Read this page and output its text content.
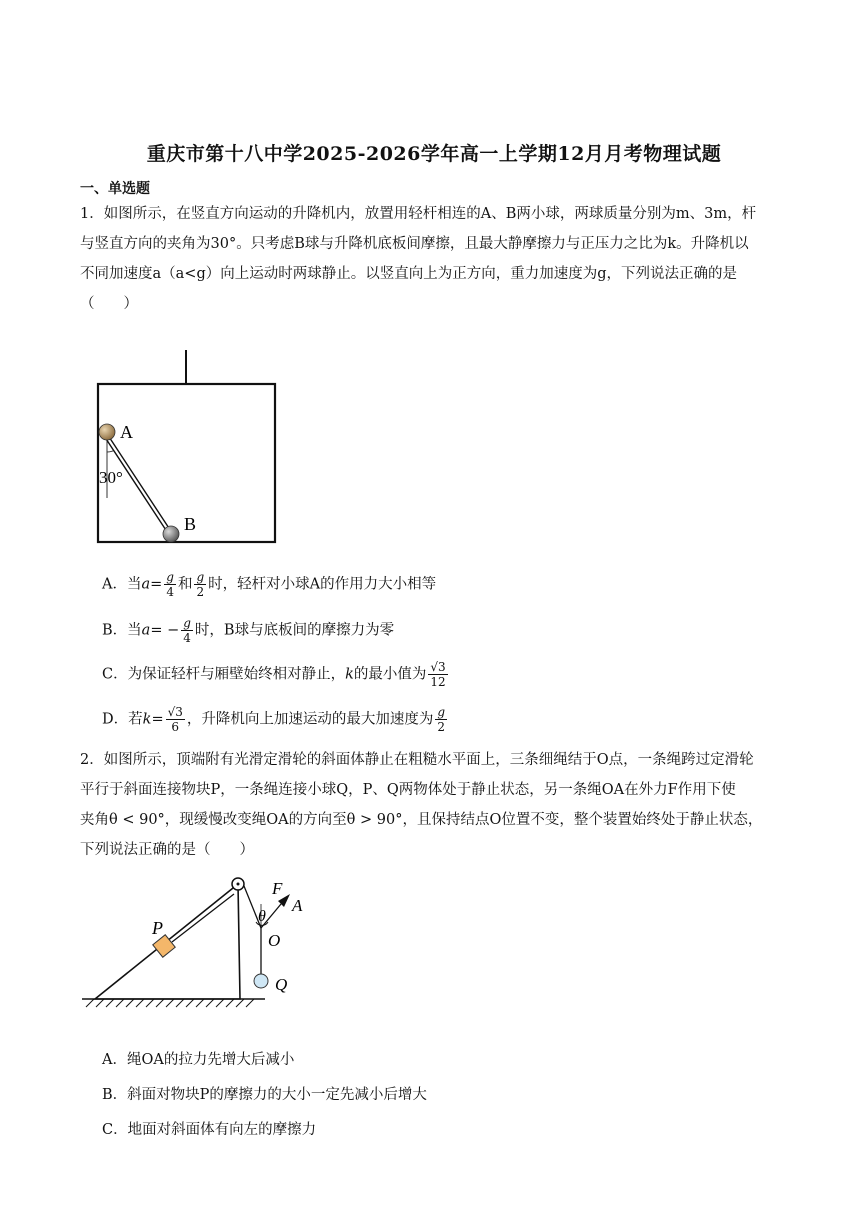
重庆市第十八中学2025-2026学年高一上学期12月月考物理试题
一、单选题
1．如图所示，在竖直方向运动的升降机内，放置用轻杆相连的A、B两小球，两球质量分别为m、3m，杆
与竖直方向的夹角为30°。只考虑B球与升降机底板间摩擦，且最大静摩擦力与正压力之比为k。升降机以
不同加速度a（a<g）向上运动时两球静止。以竖直向上为正方向，重力加速度为g，下列说法正确的是
（　　）
A
B
30°
A．当$a= \frac{g}{4}$ 和 $\frac{g}{2}$ 时，轻杆对小球A的作用力大小相等
B．当$a= - \frac{g}{4}$ 时，B球与底板间的摩擦力为零
C．为保证轻杆与厢壁始终相对静止，k的最小值为 $\frac{√3}{12}$
D．若$k= \frac{√3}{6}$ ，升降机向上加速运动的最大加速度为 $\frac{g}{2}$
2．如图所示，顶端附有光滑定滑轮的斜面体静止在粗糙水平面上，三条细绳结于O点，一条绳跨过定滑轮
平行于斜面连接物块P，一条绳连接小球Q，P、Q两物体处于静止状态，另一条绳OA在外力F作用下使
夹角θ < 90°，现缓慢改变绳OA的方向至θ > 90°，且保持结点O位置不变，整个装置始终处于静止状态，
下列说法正确的是（　　）
P
Q
F
A
O
θ
A．绳OA的拉力先增大后减小
B．斜面对物块P的摩擦力的大小一定先减小后增大
C．地面对斜面体有向左的摩擦力
